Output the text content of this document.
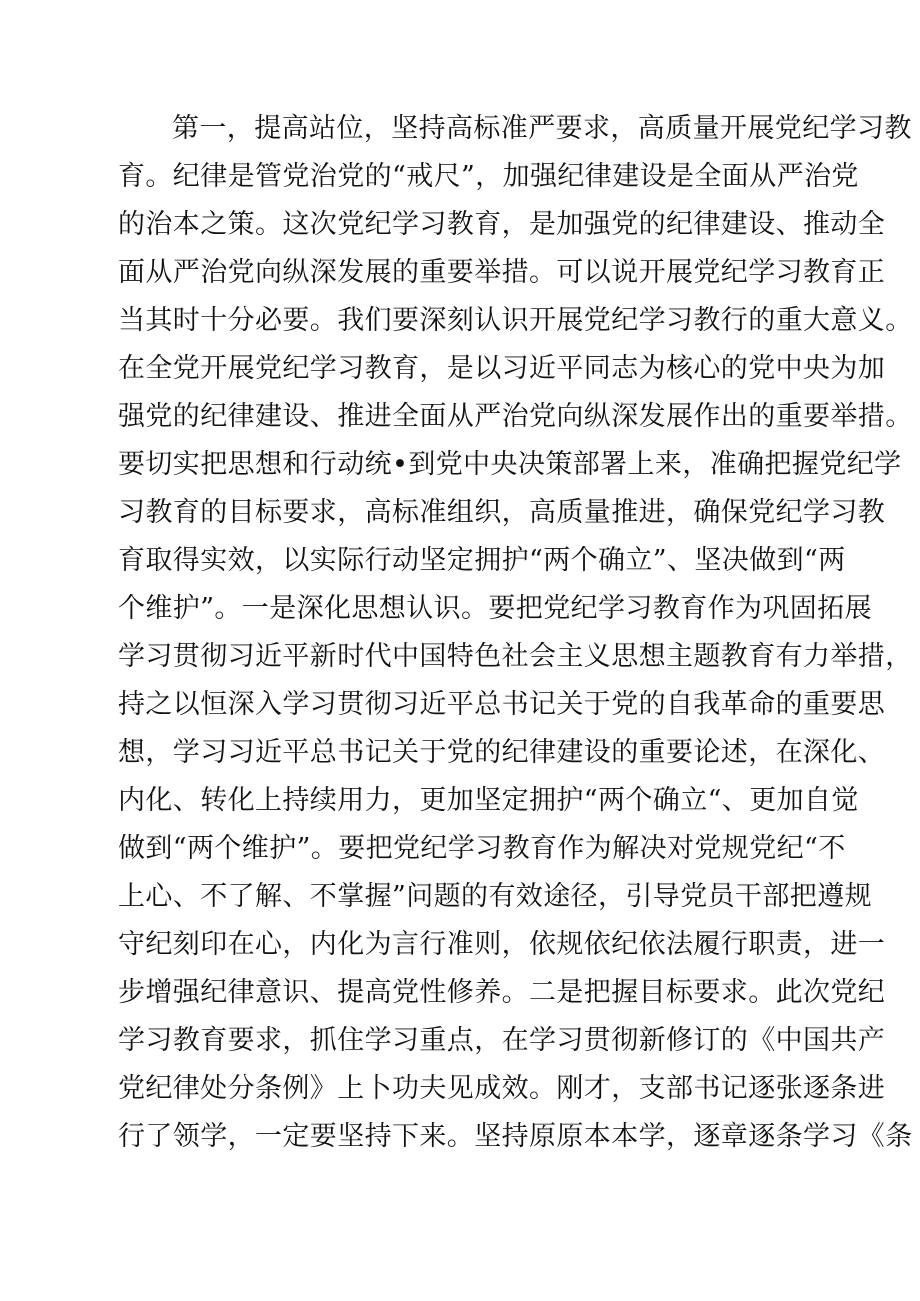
第一，提高站位，坚持高标准严要求，高质量开展党纪学习教
育。纪律是管党治党的“戒尺”，加强纪律建设是全面从严治党
的治本之策。这次党纪学习教育，是加强党的纪律建设、推动全
面从严治党向纵深发展的重要举措。可以说开展党纪学习教育正
当其时十分必要。我们要深刻认识开展党纪学习教行的重大意义。
在全党开展党纪学习教育，是以习近平同志为核心的党中央为加
强党的纪律建设、推进全面从严治党向纵深发展作出的重要举措。
要切实把思想和行动统•到党中央决策部署上来，准确把握党纪学
习教育的目标要求，高标准组织，高质量推进，确保党纪学习教
育取得实效，以实际行动坚定拥护“两个确立”、坚决做到“两
个维护”。一是深化思想认识。要把党纪学习教育作为巩固拓展
学习贯彻习近平新时代中国特色社会主义思想主题教育有力举措，
持之以恒深入学习贯彻习近平总书记关于党的自我革命的重要思
想，学习习近平总书记关于党的纪律建设的重要论述，在深化、
内化、转化上持续用力，更加坚定拥护“两个确立“、更加自觉
做到“两个维护”。要把党纪学习教育作为解决对党规党纪“不
上心、不了解、不掌握”问题的有效途径，引导党员干部把遵规
守纪刻印在心，内化为言行准则，依规依纪依法履行职责，进一
步增强纪律意识、提高党性修养。二是把握目标要求。此次党纪
学习教育要求，抓住学习重点，在学习贯彻新修订的《中国共产
党纪律处分条例》上卜功夫见成效。刚才，支部书记逐张逐条进
行了领学，一定要坚持下来。坚持原原本本学，逐章逐条学习《条
